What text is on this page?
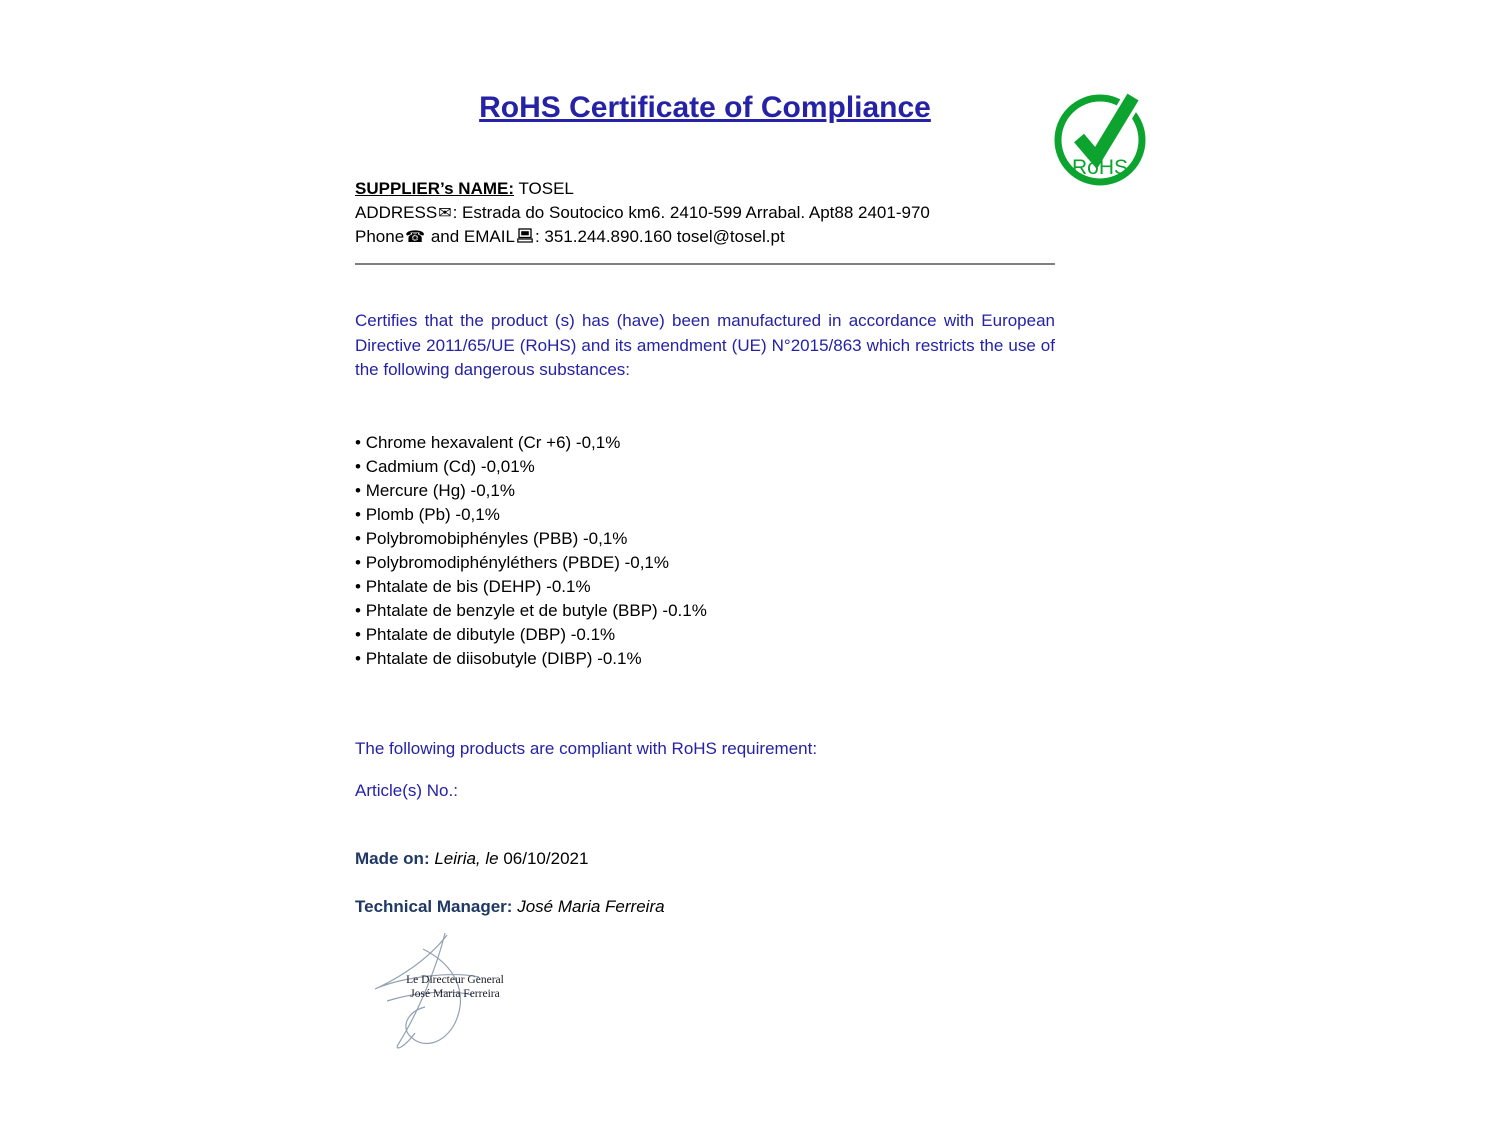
RoHS
RoHS Certificate of Compliance

SUPPLIER’s NAME: TOSEL

ADDRESS✉: Estrada do Soutocico km6. 2410-599 Arrabal. Apt88 2401-970

Phone☎ and EMAIL : 351.244.890.160 tosel@tosel.pt

Certifies that the product (s) has (have) been manufactured in accordance with European Directive 2011/65/UE (RoHS) and its amendment (UE) N°2015/863 which restricts the use of the following dangerous substances:

• Chrome hexavalent (Cr +6) -0,1%
• Cadmium (Cd) -0,01%
• Mercure (Hg) -0,1%
• Plomb (Pb) -0,1%
• Polybromobiphényles (PBB) -0,1%
• Polybromodiphényléthers (PBDE) -0,1%
• Phtalate de bis (DEHP) -0.1%
• Phtalate de benzyle et de butyle (BBP) -0.1%
• Phtalate de dibutyle (DBP) -0.1%
• Phtalate de diisobutyle (DIBP) -0.1%

The following products are compliant with RoHS requirement:

Article(s) No.:

Made on: Leiria, le 06/10/2021

Technical Manager: José Maria Ferreira

Le Directeur General
José Maria Ferreira
